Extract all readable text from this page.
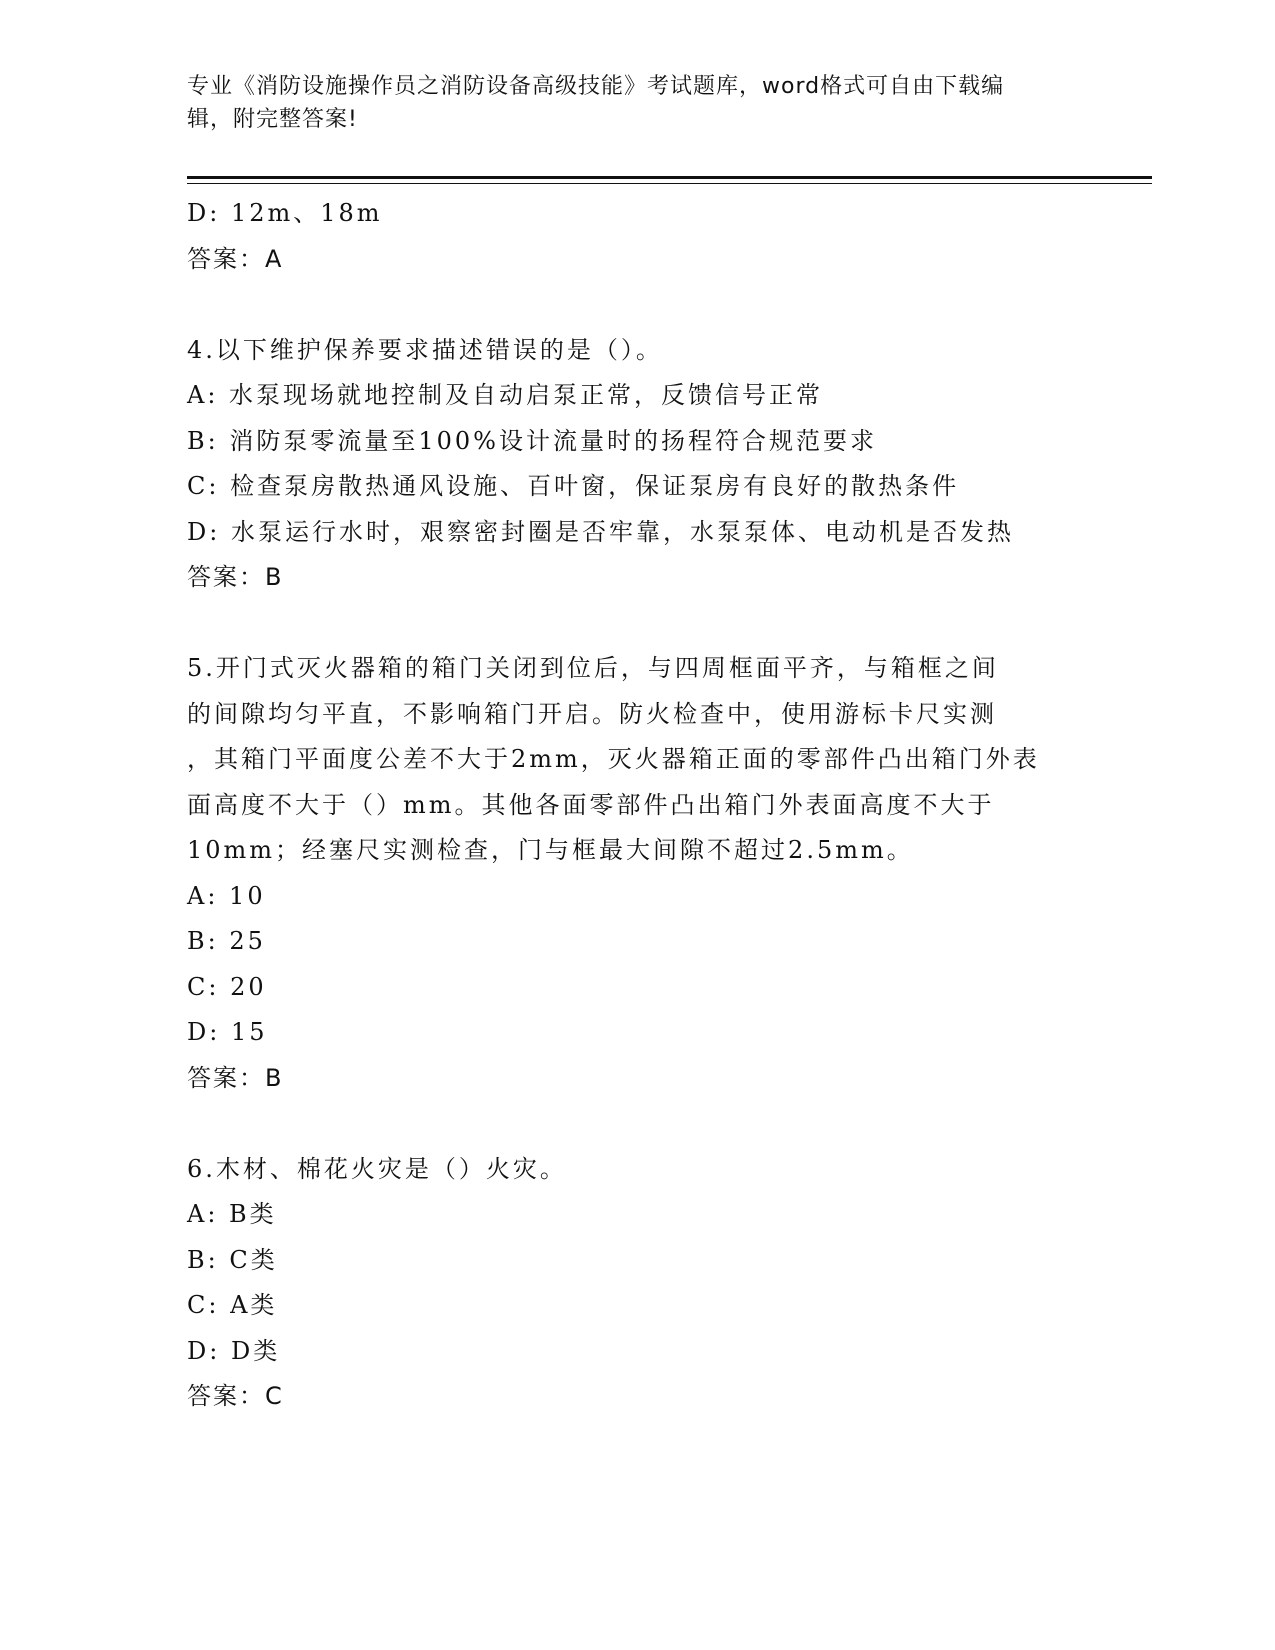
专业《消防设施操作员之消防设备高级技能》考试题库，word格式可自由下载编
辑，附完整答案!
D: 12m、18m
答案：A
4.以下维护保养要求描述错误的是（）。
A: 水泵现场就地控制及自动启泵正常，反馈信号正常
B: 消防泵零流量至100%设计流量时的扬程符合规范要求
C: 检查泵房散热通风设施、百叶窗，保证泵房有良好的散热条件
D: 水泵运行水时，艰察密封圈是否牢靠，水泵泵体、电动机是否发热
答案：B
5.开门式灭火器箱的箱门关闭到位后，与四周框面平齐，与箱框之间
的间隙均匀平直，不影响箱门开启。防火检查中，使用游标卡尺实测
，其箱门平面度公差不大于2mm，灭火器箱正面的零部件凸出箱门外表
面高度不大于（）mm。其他各面零部件凸出箱门外表面高度不大于
10mm；经塞尺实测检查，门与框最大间隙不超过2.5mm。
A: 10
B: 25
C: 20
D: 15
答案：B
6.木材、棉花火灾是（）火灾。
A: B类
B: C类
C: A类
D: D类
答案：C
